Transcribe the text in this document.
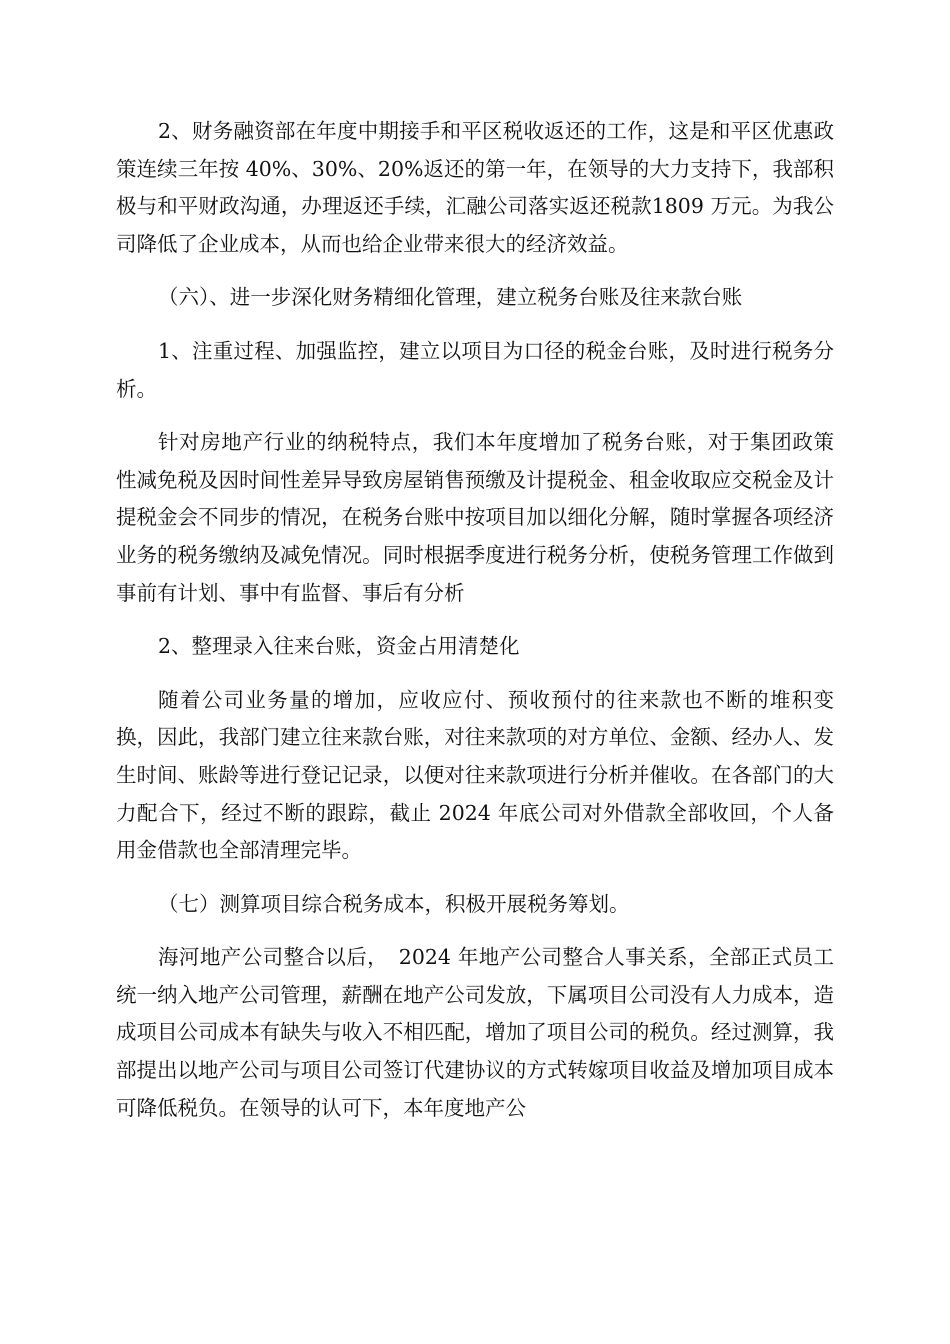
2、财务融资部在年度中期接手和平区税收返还的工作，这是和平区优惠政策连续三年按 40%、30%、20%返还的第一年，在领导的大力支持下，我部积极与和平财政沟通，办理返还手续，汇融公司落实返还税款1809 万元。为我公司降低了企业成本，从而也给企业带来很大的经济效益。

（六）、进一步深化财务精细化管理，建立税务台账及往来款台账

1、注重过程、加强监控，建立以项目为口径的税金台账，及时进行税务分析。

针对房地产行业的纳税特点，我们本年度增加了税务台账，对于集团政策性减免税及因时间性差异导致房屋销售预缴及计提税金、租金收取应交税金及计提税金会不同步的情况，在税务台账中按项目加以细化分解，随时掌握各项经济业务的税务缴纳及减免情况。同时根据季度进行税务分析，使税务管理工作做到事前有计划、事中有监督、事后有分析

2、整理录入往来台账，资金占用清楚化

随着公司业务量的增加，应收应付、预收预付的往来款也不断的堆积变换，因此，我部门建立往来款台账，对往来款项的对方单位、金额、经办人、发生时间、账龄等进行登记记录，以便对往来款项进行分析并催收。在各部门的大力配合下，经过不断的跟踪，截止 2024 年底公司对外借款全部收回，个人备用金借款也全部清理完毕。

（七）测算项目综合税务成本，积极开展税务筹划。

海河地产公司整合以后，　2024 年地产公司整合人事关系，全部正式员工统一纳入地产公司管理，薪酬在地产公司发放，下属项目公司没有人力成本，造成项目公司成本有缺失与收入不相匹配，增加了项目公司的税负。经过测算，我部提出以地产公司与项目公司签订代建协议的方式转嫁项目收益及增加项目成本可降低税负。在领导的认可下，本年度地产公
